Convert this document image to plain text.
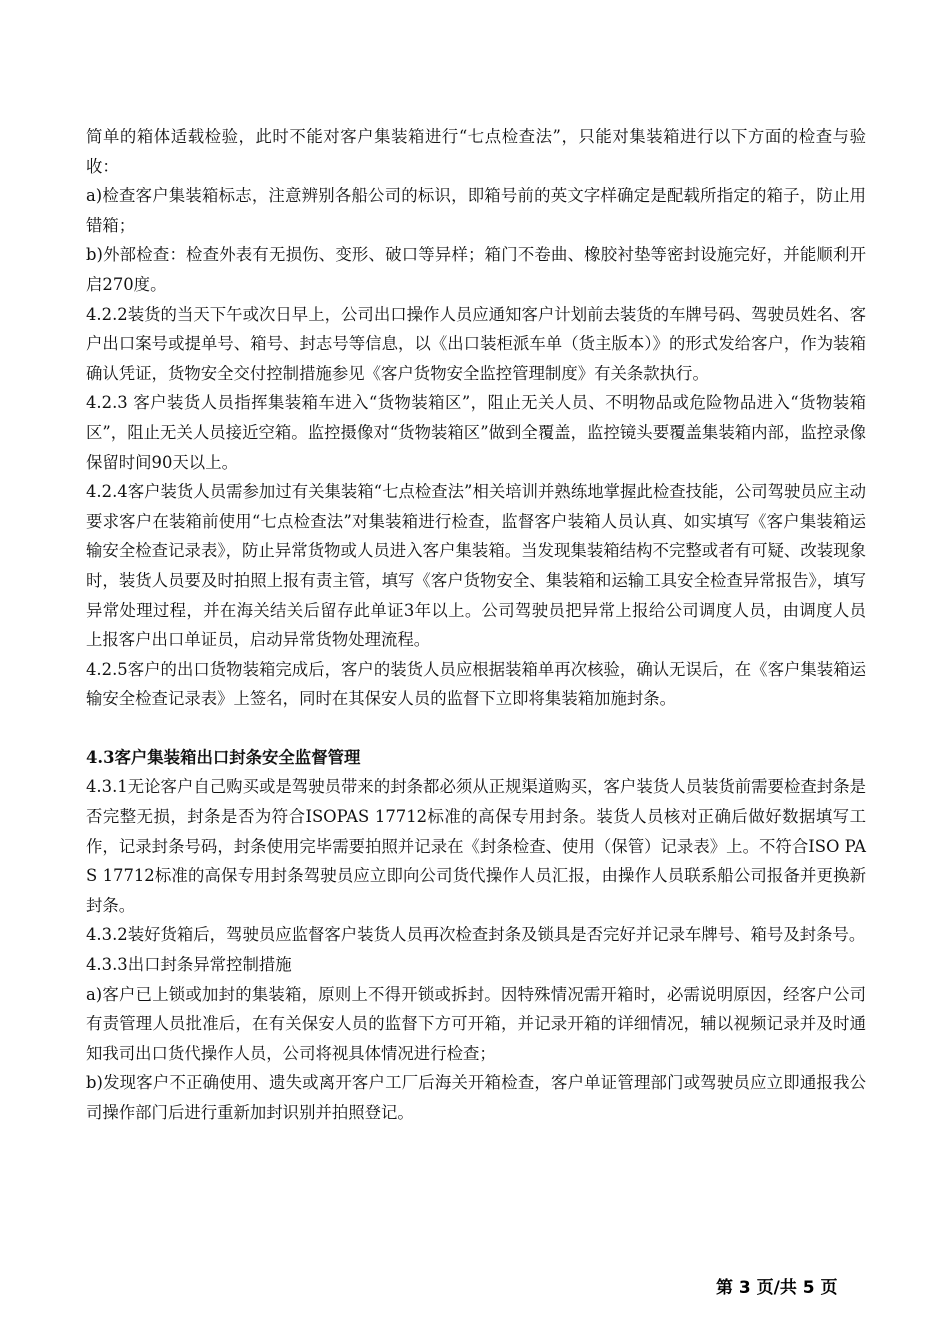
简单的箱体适载检验，此时不能对客户集装箱进行“七点检查法”，只能对集装箱进行以下方面的检查与验收：

a)检查客户集装箱标志，注意辨别各船公司的标识，即箱号前的英文字样确定是配载所指定的箱子，防止用错箱；

b)外部检查：检查外表有无损伤、变形、破口等异样；箱门不卷曲、橡胶衬垫等密封设施完好，并能顺利开启270度。

4.2.2装货的当天下午或次日早上，公司出口操作人员应通知客户计划前去装货的车牌号码、驾驶员姓名、客户出口案号或提单号、箱号、封志号等信息，以《出口装柜派车单（货主版本）》的形式发给客户，作为装箱确认凭证，货物安全交付控制措施参见《客户货物安全监控管理制度》有关条款执行。

4.2.3 客户装货人员指挥集装箱车进入“货物装箱区”，阻止无关人员、不明物品或危险物品进入“货物装箱区”，阻止无关人员接近空箱。监控摄像对“货物装箱区”做到全覆盖，监控镜头要覆盖集装箱内部，监控录像保留时间90天以上。

4.2.4客户装货人员需参加过有关集装箱“七点检查法”相关培训并熟练地掌握此检查技能，公司驾驶员应主动要求客户在装箱前使用“七点检查法”对集装箱进行检查，监督客户装箱人员认真、如实填写《客户集装箱运输安全检查记录表》，防止异常货物或人员进入客户集装箱。当发现集装箱结构不完整或者有可疑、改装现象时，装货人员要及时拍照上报有责主管，填写《客户货物安全、集装箱和运输工具安全检查异常报告》，填写异常处理过程，并在海关结关后留存此单证3年以上。公司驾驶员把异常上报给公司调度人员，由调度人员上报客户出口单证员，启动异常货物处理流程。

4.2.5客户的出口货物装箱完成后，客户的装货人员应根据装箱单再次核验，确认无误后，在《客户集装箱运输安全检查记录表》上签名，同时在其保安人员的监督下立即将集装箱加施封条。

4.3客户集装箱出口封条安全监督管理

4.3.1无论客户自己购买或是驾驶员带来的封条都必须从正规渠道购买，客户装货人员装货前需要检查封条是否完整无损，封条是否为符合ISOPAS 17712标准的高保专用封条。装货人员核对正确后做好数据填写工作，记录封条号码，封条使用完毕需要拍照并记录在《封条检查、使用（保管）记录表》上。不符合ISO PAS 17712标准的高保专用封条驾驶员应立即向公司货代操作人员汇报，由操作人员联系船公司报备并更换新封条。

4.3.2装好货箱后，驾驶员应监督客户装货人员再次检查封条及锁具是否完好并记录车牌号、箱号及封条号。

4.3.3出口封条异常控制措施

a)客户已上锁或加封的集装箱，原则上不得开锁或拆封。因特殊情况需开箱时，必需说明原因，经客户公司有责管理人员批准后，在有关保安人员的监督下方可开箱，并记录开箱的详细情况，辅以视频记录并及时通知我司出口货代操作人员，公司将视具体情况进行检查；

b)发现客户不正确使用、遗失或离开客户工厂后海关开箱检查，客户单证管理部门或驾驶员应立即通报我公司操作部门后进行重新加封识别并拍照登记。

第 3 页/共 5 页
